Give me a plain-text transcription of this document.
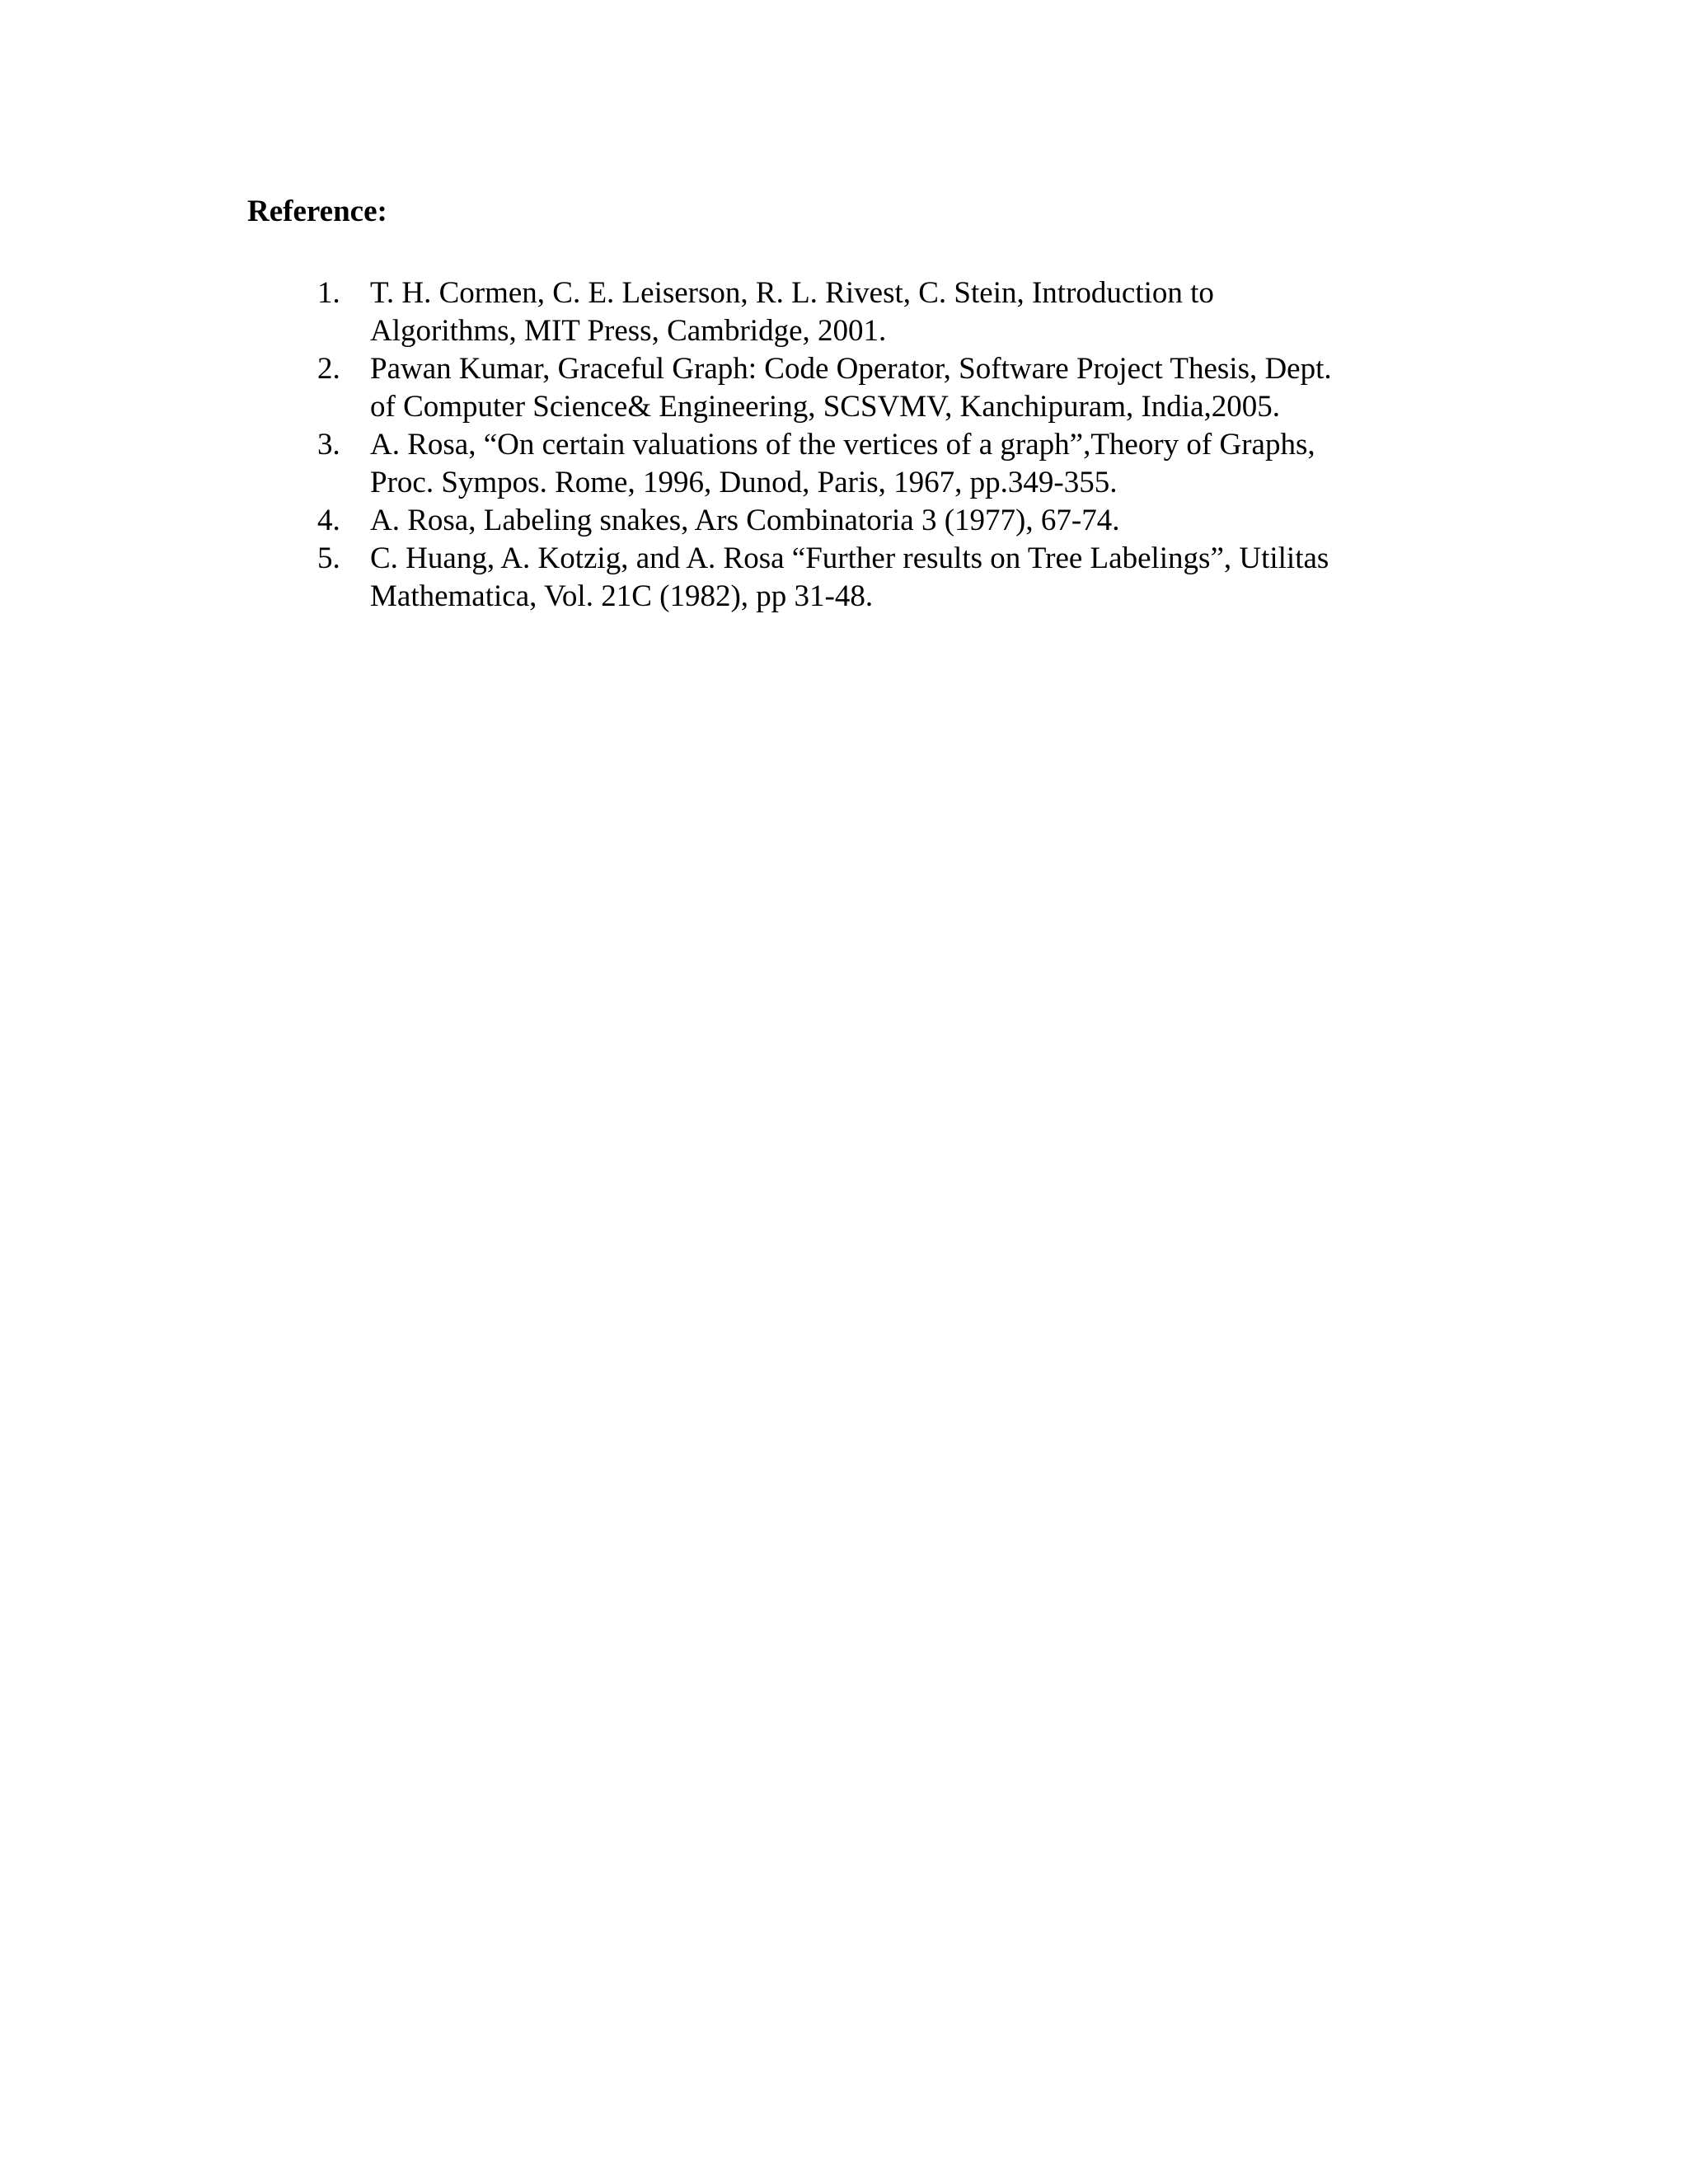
Reference:
1. T. H. Cormen, C. E. Leiserson, R. L. Rivest, C. Stein, Introduction to
Algorithms, MIT Press, Cambridge, 2001.
2. Pawan Kumar, Graceful Graph: Code Operator, Software Project Thesis, Dept.
of Computer Science& Engineering, SCSVMV, Kanchipuram, India,2005.
3. A. Rosa, “On certain valuations of the vertices of a graph”,Theory of Graphs,
Proc. Sympos. Rome, 1996, Dunod, Paris, 1967, pp.349-355.
4. A. Rosa, Labeling snakes, Ars Combinatoria 3 (1977), 67-74.
5. C. Huang, A. Kotzig, and A. Rosa “Further results on Tree Labelings”, Utilitas
Mathematica, Vol. 21C (1982), pp 31-48.
